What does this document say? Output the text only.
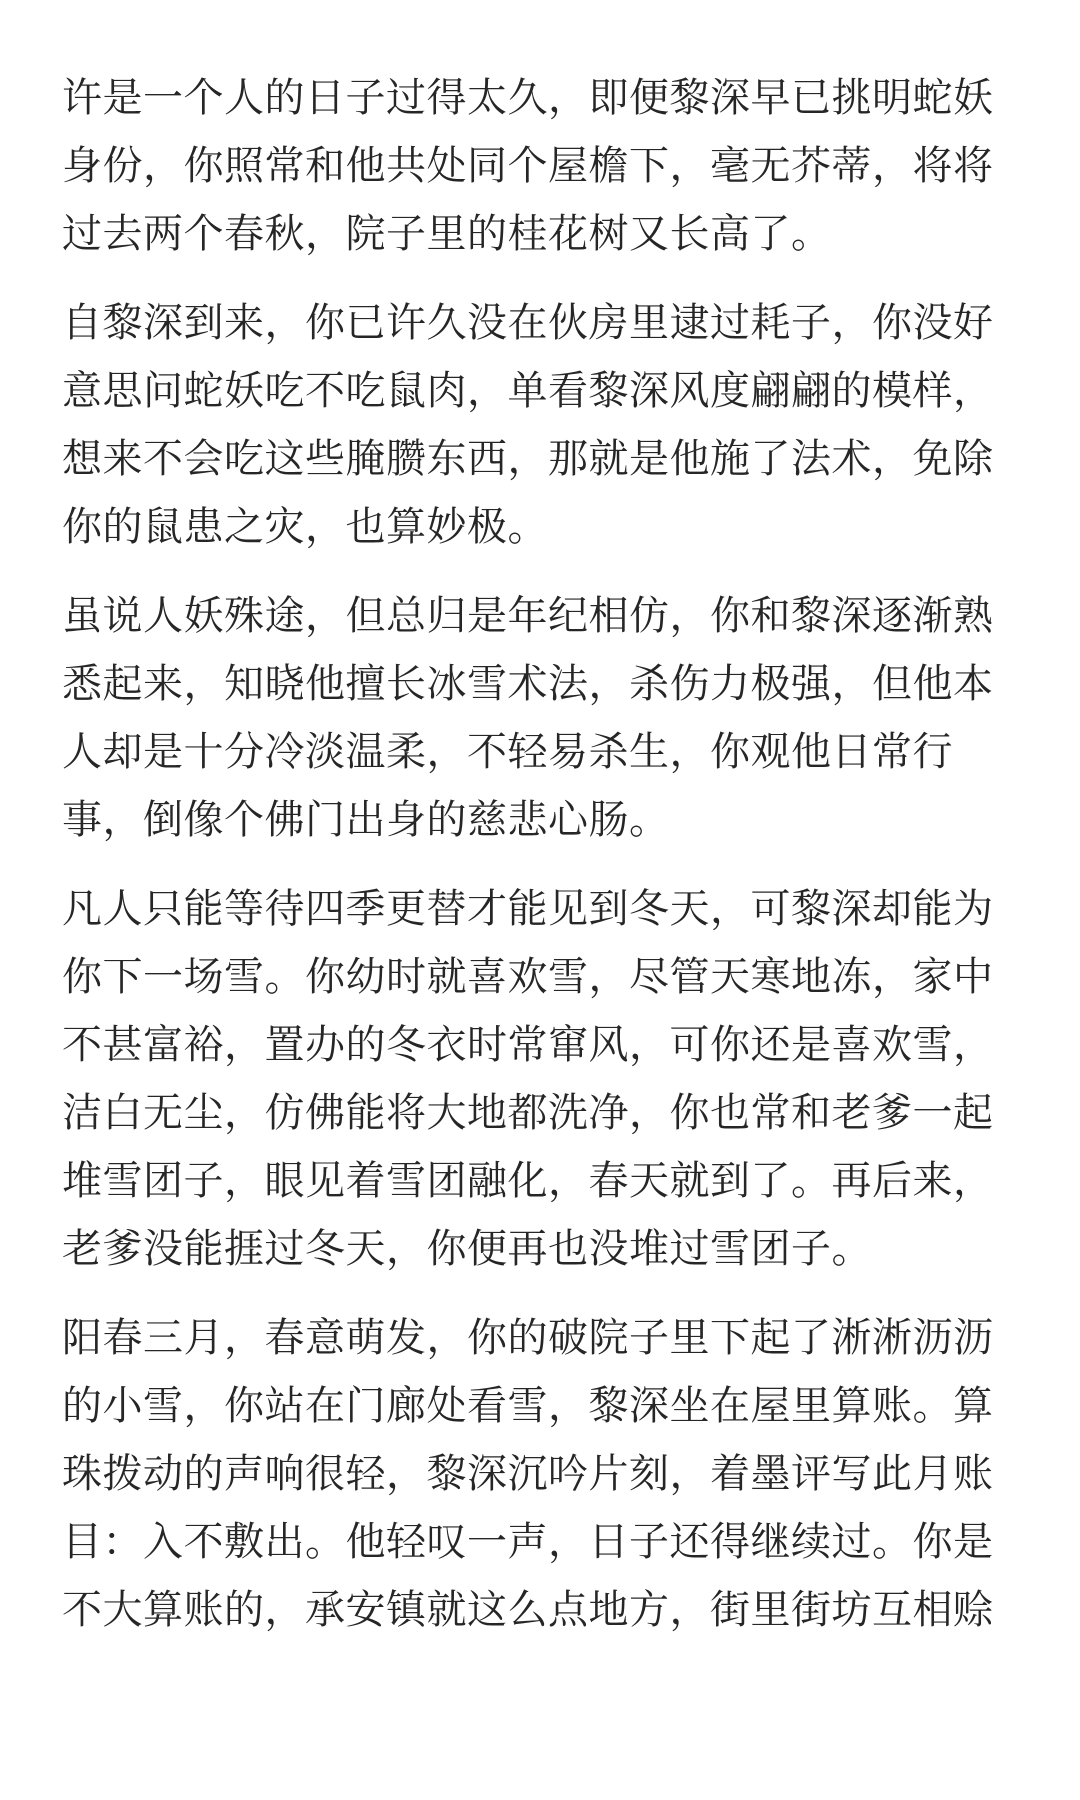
许是一个人的日子过得太久，即便黎深早已挑明蛇妖
身份，你照常和他共处同个屋檐下，毫无芥蒂，将将
过去两个春秋，院子里的桂花树又长高了。

自黎深到来，你已许久没在伙房里逮过耗子，你没好
意思问蛇妖吃不吃鼠肉，单看黎深风度翩翩的模样，
想来不会吃这些腌臜东西，那就是他施了法术，免除
你的鼠患之灾，也算妙极。

虽说人妖殊途，但总归是年纪相仿，你和黎深逐渐熟
悉起来，知晓他擅长冰雪术法，杀伤力极强，但他本
人却是十分冷淡温柔，不轻易杀生，你观他日常行
事，倒像个佛门出身的慈悲心肠。

凡人只能等待四季更替才能见到冬天，可黎深却能为
你下一场雪。你幼时就喜欢雪，尽管天寒地冻，家中
不甚富裕，置办的冬衣时常窜风，可你还是喜欢雪，
洁白无尘，仿佛能将大地都洗净，你也常和老爹一起
堆雪团子，眼见着雪团融化，春天就到了。再后来，
老爹没能捱过冬天，你便再也没堆过雪团子。

阳春三月，春意萌发，你的破院子里下起了淅淅沥沥
的小雪，你站在门廊处看雪，黎深坐在屋里算账。算
珠拨动的声响很轻，黎深沉吟片刻，着墨评写此月账
目：入不敷出。他轻叹一声，日子还得继续过。你是
不大算账的，承安镇就这么点地方，街里街坊互相赊
